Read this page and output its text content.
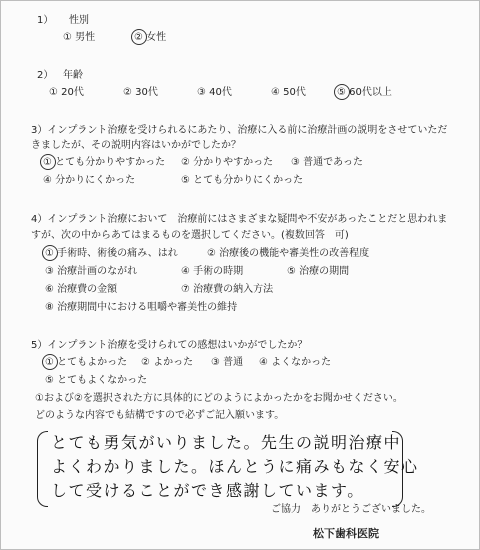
1） 性別
① 男性	② 女性
2） 年齢
① 20代	② 30代	③ 40代	④ 50代	⑤ 60代以上
3）インプラント治療を受けられるにあたり、治療に入る前に治療計画の説明をさせていただ
きましたが、その説明内容はいかがでしたか？
① とても分かりやすかった ② 分かりやすかった ③ 普通であった
④ 分かりにくかった	⑤ とても分かりにくかった
4）インプラント治療において　治療前にはさまざまな疑問や不安があったことだと思われま
すが、次の中からあてはまるものを選択してください。(複数回答　可)
① 手術時、術後の痛み、はれ	② 治療後の機能や審美性の改善程度
③ 治療計画のながれ	④ 手術の時期	⑤ 治療の期間
⑥ 治療費の金額	⑦ 治療費の納入方法
⑧ 治療期間中における咀嚼や審美性の維持
5）インプラント治療を受けられての感想はいかがでしたか？
① とてもよかった ② よかった ③ 普通 ④ よくなかった
⑤ とてもよくなかった
①および②を選択された方に具体的にどのようによかったかをお聞かせください。
どのような内容でも結構ですので必ずご記入願います。
とても勇気がいりました。先生の説明治療中
よくわかりました。ほんとうに痛みもなく安心
して受けることができ感謝しています。
ご協力　ありがとうございました。
松下歯科医院
